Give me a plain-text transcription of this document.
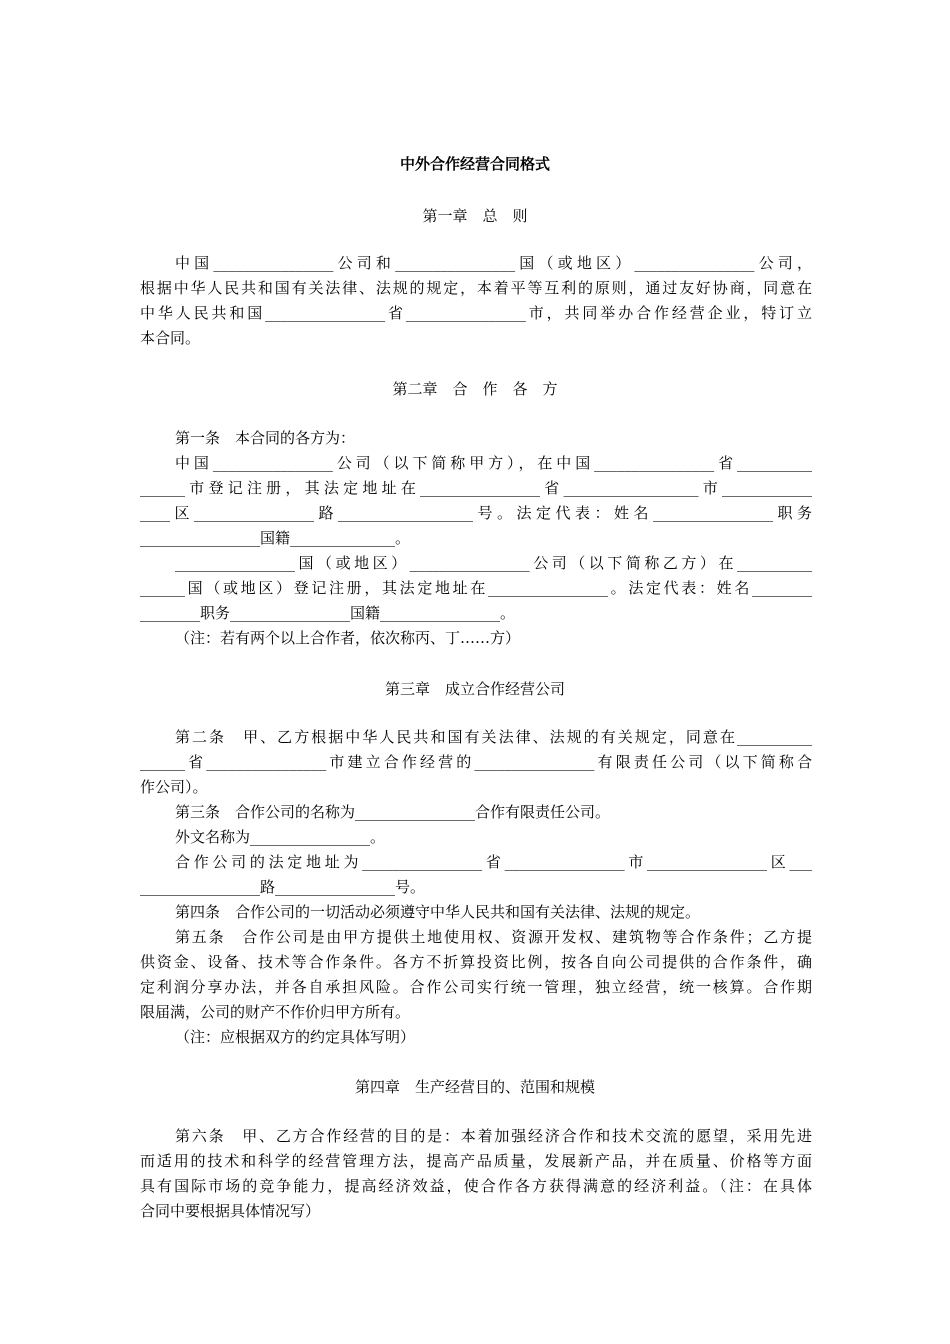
中外合作经营合同格式
第一章　总　则
中国________________公司和________________国（或地区）________________公司，
根据中华人民共和国有关法律、法规的规定，本着平等互利的原则，通过友好协商，同意在
中华人民共和国________________省________________市，共同举办合作经营企业，特订立
本合同。
第二章　合　作　各　方
第一条　本合同的各方为：
中国________________公司（以下简称甲方），在中国________________省__________
______市登记注册，其法定地址在________________省__________________市____________
____区________________路__________________号。法定代表：姓名________________职务
________________国籍______________。
________________国（或地区）________________公司（以下简称乙方）在__________
______国（或地区）登记注册，其法定地址在________________。法定代表：姓名________
________职务________________国籍________________。
（注：若有两个以上合作者，依次称丙、丁……方）
第三章　成立合作经营公司
第二条　甲、乙方根据中华人民共和国有关法律、法规的有关规定，同意在__________
______省________________市建立合作经营的________________有限责任公司（以下简称合
作公司）。
第三条　合作公司的名称为________________合作有限责任公司。
外文名称为________________。
合作公司的法定地址为________________省________________市________________区___
________________路________________号。
第四条　合作公司的一切活动必须遵守中华人民共和国有关法律、法规的规定。
第五条　合作公司是由甲方提供土地使用权、资源开发权、建筑物等合作条件；乙方提
供资金、设备、技术等合作条件。各方不折算投资比例，按各自向公司提供的合作条件，确
定利润分享办法，并各自承担风险。合作公司实行统一管理，独立经营，统一核算。合作期
限届满，公司的财产不作价归甲方所有。
（注：应根据双方的约定具体写明）
第四章　生产经营目的、范围和规模
第六条　甲、乙方合作经营的目的是：本着加强经济合作和技术交流的愿望，采用先进
而适用的技术和科学的经营管理方法，提高产品质量，发展新产品，并在质量、价格等方面
具有国际市场的竞争能力，提高经济效益，使合作各方获得满意的经济利益。（注：在具体
合同中要根据具体情况写）
